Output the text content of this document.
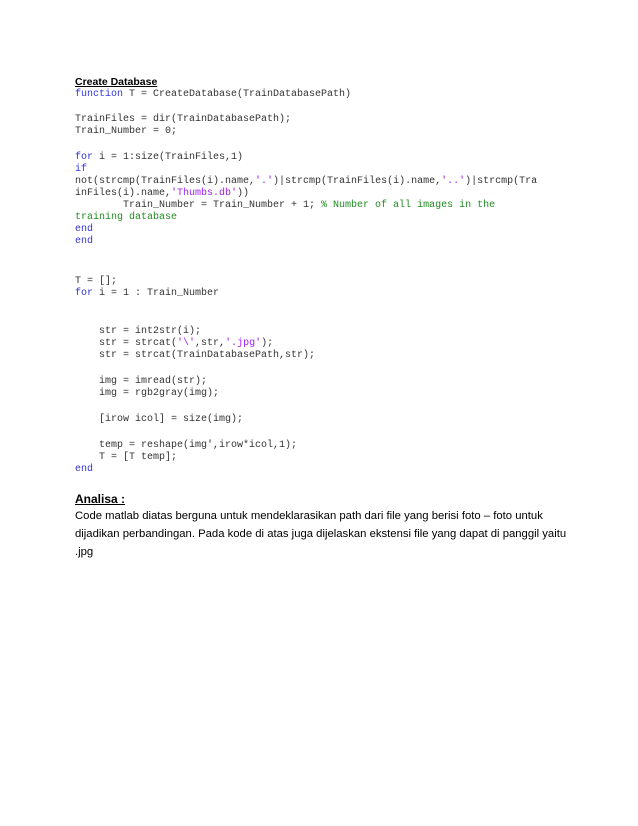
Create Database
function T = CreateDatabase(TrainDatabasePath)
TrainFiles = dir(TrainDatabasePath);
Train_Number = 0;
for i = 1:size(TrainFiles,1)
if
not(strcmp(TrainFiles(i).name,'.')|strcmp(TrainFiles(i).name,'..')|strcmp(Tra
inFiles(i).name,'Thumbs.db'))
Train_Number = Train_Number + 1; % Number of all images in the
training database
end
end
T = [];
for i = 1 : Train_Number
str = int2str(i);
str = strcat('\',str,'.jpg');
str = strcat(TrainDatabasePath,str);
img = imread(str);
img = rgb2gray(img);
[irow icol] = size(img);
temp = reshape(img',irow*icol,1);
T = [T temp];
end
Analisa :

Code matlab diatas berguna untuk mendeklarasikan path dari file yang berisi foto – foto untuk dijadikan perbandingan. Pada kode di atas juga dijelaskan ekstensi file yang dapat di panggil yaitu .jpg
